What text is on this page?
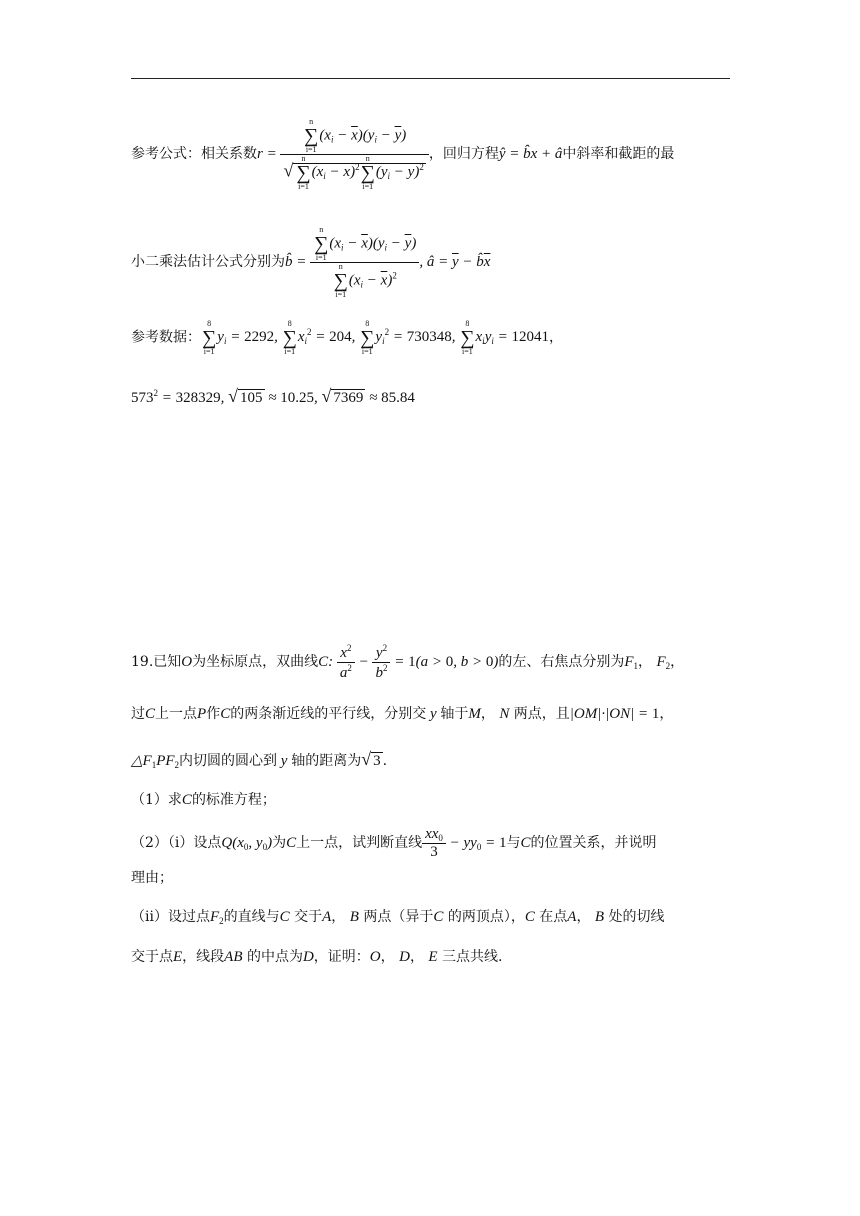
参考公式：相关系数r = n
∑
i=1
$(x_i - \overline{x})(y_i - \overline{y})$
√
n
∑
i=1
$(x_i - \overline{x})^2$
n
∑
i=1
$(y_i - \overline{y})^2$ ，回归方程ŷ = b̂x + â中斜率和截距的最
小二乘法估计公式分别为b̂ = n
∑
i=1
$(x_i - \overline{x})(y_i - \overline{y})$
n
∑
i=1
$(x_i - \overline{x})^2$ , â = $\overline{y}$ − $b̂\overline{x}$
参考数据：
8
∑
i=1
$y_i = 2292$,
8
∑
i=1
$x_i^2 = 204$,
8
∑
i=1
$y_i^2 = 730348$,
8
∑
i=1
$x_iy_i = 12041$，
$573^2 = 328329$, √ 105 ≈ 10.25, √ 7369 ≈ 85.84
19.已知O为坐标原点，双曲线C: $\frac{x^2}{a^2} - \frac{y^2}{b^2} = 1(a > 0$, b > 0)的左、右焦点分别为$F_1$， $F_2$，
过C上一点P作C的两条渐近线的平行线，分别交 y 轴于M， N 两点，且|OM|·|ON| = 1，
$\triangle F_1PF_2$内切圆的圆心到 y 轴的距离为√ 3 .
（1）求C的标准方程；
（2）（ⅰ）设点$Q(x_0$, $y_0$)为C上一点，试判断直线 $\frac{xx_0}{3} - yy_0 = 1$与C的位置关系，并说明
理由；
（ⅱ）设过点$F_2$的直线与C 交于A， B 两点（异于C 的两顶点），C 在点A， B 处的切线
交于点E，线段AB 的中点为D，证明：O， D， E 三点共线.
